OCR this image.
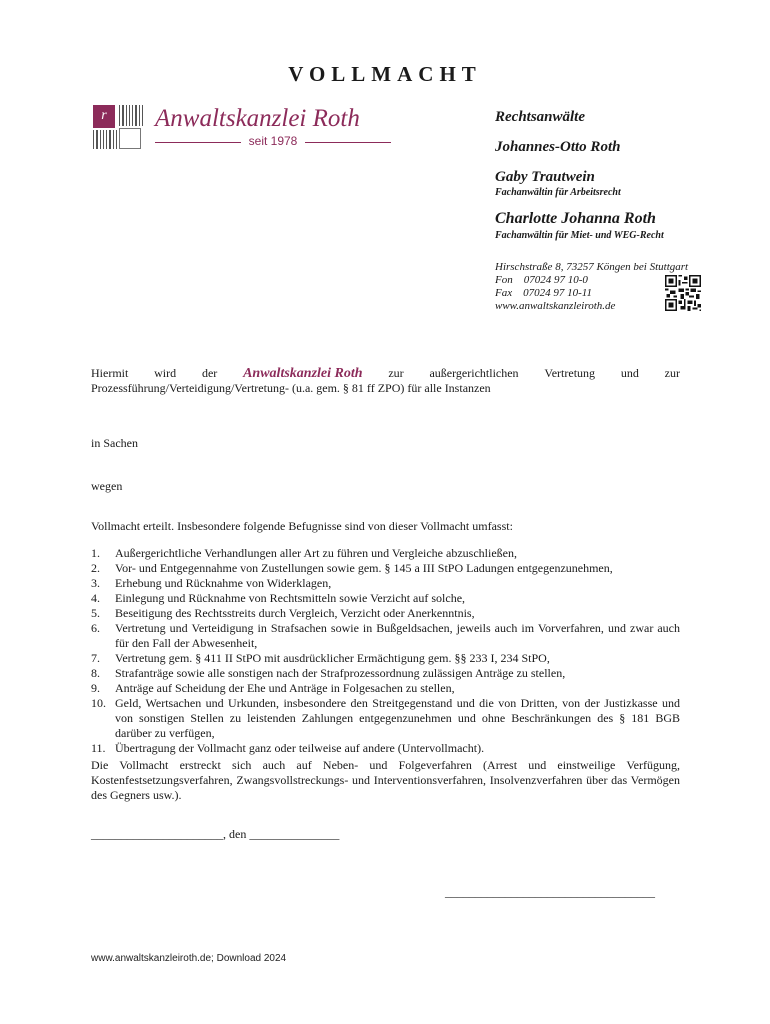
VOLLMACHT
r	Anwaltskanzlei Roth
seit 1978
Rechtsanwälte
Johannes-Otto Roth
Gaby Trautwein
Fachanwältin für Arbeitsrecht
Charlotte Johanna Roth
Fachanwältin für Miet- und WEG-Recht
Hirschstraße 8, 73257 Köngen bei Stuttgart
Fon    07024 97 10-0
Fax    07024 97 10-11
www.anwaltskanzleiroth.de
Hiermit wird der Anwaltskanzlei Roth zur außergerichtlichen Vertretung und zur
Prozessführung/Verteidigung/Vertretung- (u.a. gem. § 81 ff ZPO) für alle Instanzen
in Sachen
wegen
Vollmacht erteilt. Insbesondere folgende Befugnisse sind von dieser Vollmacht umfasst:
1.	Außergerichtliche Verhandlungen aller Art zu führen und Vergleiche abzuschließen,
2.	Vor- und Entgegennahme von Zustellungen sowie gem. § 145 a III StPO Ladungen entgegenzunehmen,
3.	Erhebung und Rücknahme von Widerklagen,
4.	Einlegung und Rücknahme von Rechtsmitteln sowie Verzicht auf solche,
5.	Beseitigung des Rechtsstreits durch Vergleich, Verzicht oder Anerkenntnis,
6.	Vertretung und Verteidigung in Strafsachen sowie in Bußgeldsachen, jeweils auch im Vorverfahren, und zwar auch für den Fall der Abwesenheit,
7.	Vertretung gem. § 411 II StPO mit ausdrücklicher Ermächtigung gem. §§ 233 I, 234 StPO,
8.	Strafanträge sowie alle sonstigen nach der Strafprozessordnung zulässigen Anträge zu stellen,
9.	Anträge auf Scheidung der Ehe und Anträge in Folgesachen zu stellen,
10. Geld, Wertsachen und Urkunden, insbesondere den Streitgegenstand und die von Dritten, von der Justizkasse und von sonstigen Stellen zu leistenden Zahlungen entgegenzunehmen und ohne Beschränkungen des § 181 BGB darüber zu verfügen,
11. Übertragung der Vollmacht ganz oder teilweise auf andere (Untervollmacht).
Die Vollmacht erstreckt sich auch auf Neben- und Folgeverfahren (Arrest und einstweilige Verfügung, Kostenfestsetzungsverfahren, Zwangsvollstreckungs- und Interventionsverfahren, Insolvenzverfahren über das Vermögen des Gegners usw.).
______________________, den _______________
___________________________________
www.anwaltskanzleiroth.de; Download 2024
